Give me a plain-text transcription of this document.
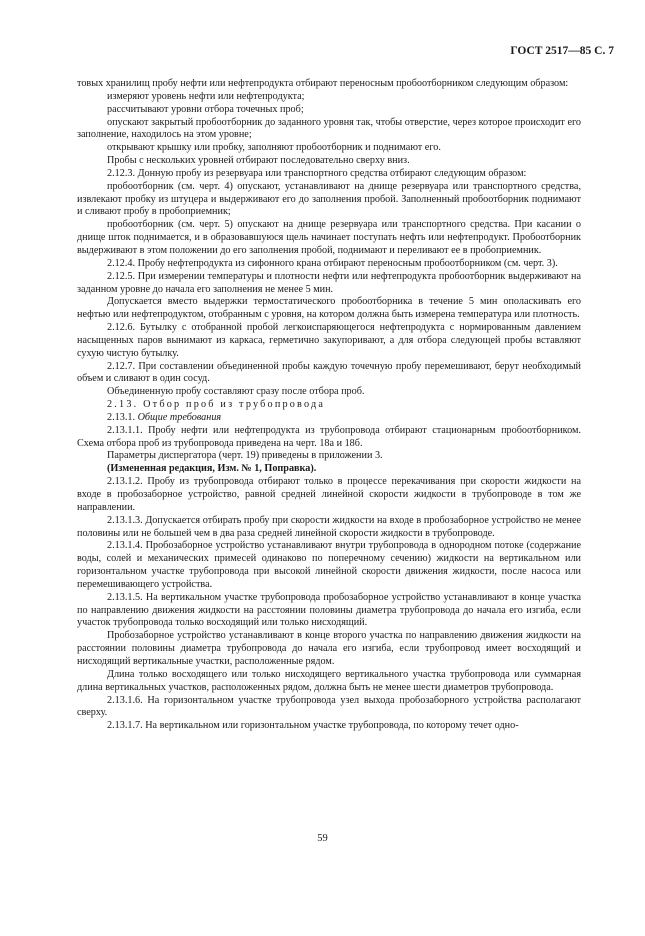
ГОСТ 2517—85 С. 7

товых хранилищ пробу нефти или нефтепродукта отбирают переносным пробоотборником следующим образом:

измеряют уровень нефти или нефтепродукта;

рассчитывают уровни отбора точечных проб;

опускают закрытый пробоотборник до заданного уровня так, чтобы отверстие, через которое происходит его заполнение, находилось на этом уровне;

открывают крышку или пробку, заполняют пробоотборник и поднимают его.

Пробы с нескольких уровней отбирают последовательно сверху вниз.

2.12.3. Донную пробу из резервуара или транспортного средства отбирают следующим образом:

пробоотборник (см. черт. 4) опускают, устанавливают на днище резервуара или транспортного средства, извлекают пробку из штуцера и выдерживают его до заполнения пробой. Заполненный пробоотборник поднимают и сливают пробу в пробоприемник;

пробоотборник (см. черт. 5) опускают на днище резервуара или транспортного средства. При касании о днище шток поднимается, и в образовавшуюся щель начинает поступать нефть или нефтепродукт. Пробоотборник выдерживают в этом положении до его заполнения пробой, поднимают и переливают ее в пробоприемник.

2.12.4. Пробу нефтепродукта из сифонного крана отбирают переносным пробоотборником (см. черт. 3).

2.12.5. При измерении температуры и плотности нефти или нефтепродукта пробоотборник выдерживают на заданном уровне до начала его заполнения не менее 5 мин.

Допускается вместо выдержки термостатического пробоотборника в течение 5 мин ополаскивать его нефтью или нефтепродуктом, отобранным с уровня, на котором должна быть измерена температура или плотность.

2.12.6. Бутылку с отобранной пробой легкоиспаряющегося нефтепродукта с нормированным давлением насыщенных паров вынимают из каркаса, герметично закупоривают, а для отбора следующей пробы вставляют сухую чистую бутылку.

2.12.7. При составлении объединенной пробы каждую точечную пробу перемешивают, берут необходимый объем и сливают в один сосуд.

Объединенную пробу составляют сразу после отбора проб.

2.13. Отбор проб из трубопровода

2.13.1. Общие требования

2.13.1.1. Пробу нефти или нефтепродукта из трубопровода отбирают стационарным пробоотборником. Схема отбора проб из трубопровода приведена на черт. 18а и 18б.

Параметры диспергатора (черт. 19) приведены в приложении 3.

(Измененная редакция, Изм. № 1, Поправка).

2.13.1.2. Пробу из трубопровода отбирают только в процессе перекачивания при скорости жидкости на входе в пробозаборное устройство, равной средней линейной скорости жидкости в трубопроводе в том же направлении.

2.13.1.3. Допускается отбирать пробу при скорости жидкости на входе в пробозаборное устройство не менее половины или не большей чем в два раза средней линейной скорости жидкости в трубопроводе.

2.13.1.4. Пробозаборное устройство устанавливают внутри трубопровода в однородном потоке (содержание воды, солей и механических примесей одинаково по поперечному сечению) жидкости на вертикальном или горизонтальном участке трубопровода при высокой линейной скорости движения жидкости, после насоса или перемешивающего устройства.

2.13.1.5. На вертикальном участке трубопровода пробозаборное устройство устанавливают в конце участка по направлению движения жидкости на расстоянии половины диаметра трубопровода до начала его изгиба, если участок трубопровода только восходящий или только нисходящий.

Пробозаборное устройство устанавливают в конце второго участка по направлению движения жидкости на расстоянии половины диаметра трубопровода до начала его изгиба, если трубопровод имеет восходящий и нисходящий вертикальные участки, расположенные рядом.

Длина только восходящего или только нисходящего вертикального участка трубопровода или суммарная длина вертикальных участков, расположенных рядом, должна быть не менее шести диаметров трубопровода.

2.13.1.6. На горизонтальном участке трубопровода узел выхода пробозаборного устройства располагают сверху.

2.13.1.7. На вертикальном или горизонтальном участке трубопровода, по которому течет одно-

59
